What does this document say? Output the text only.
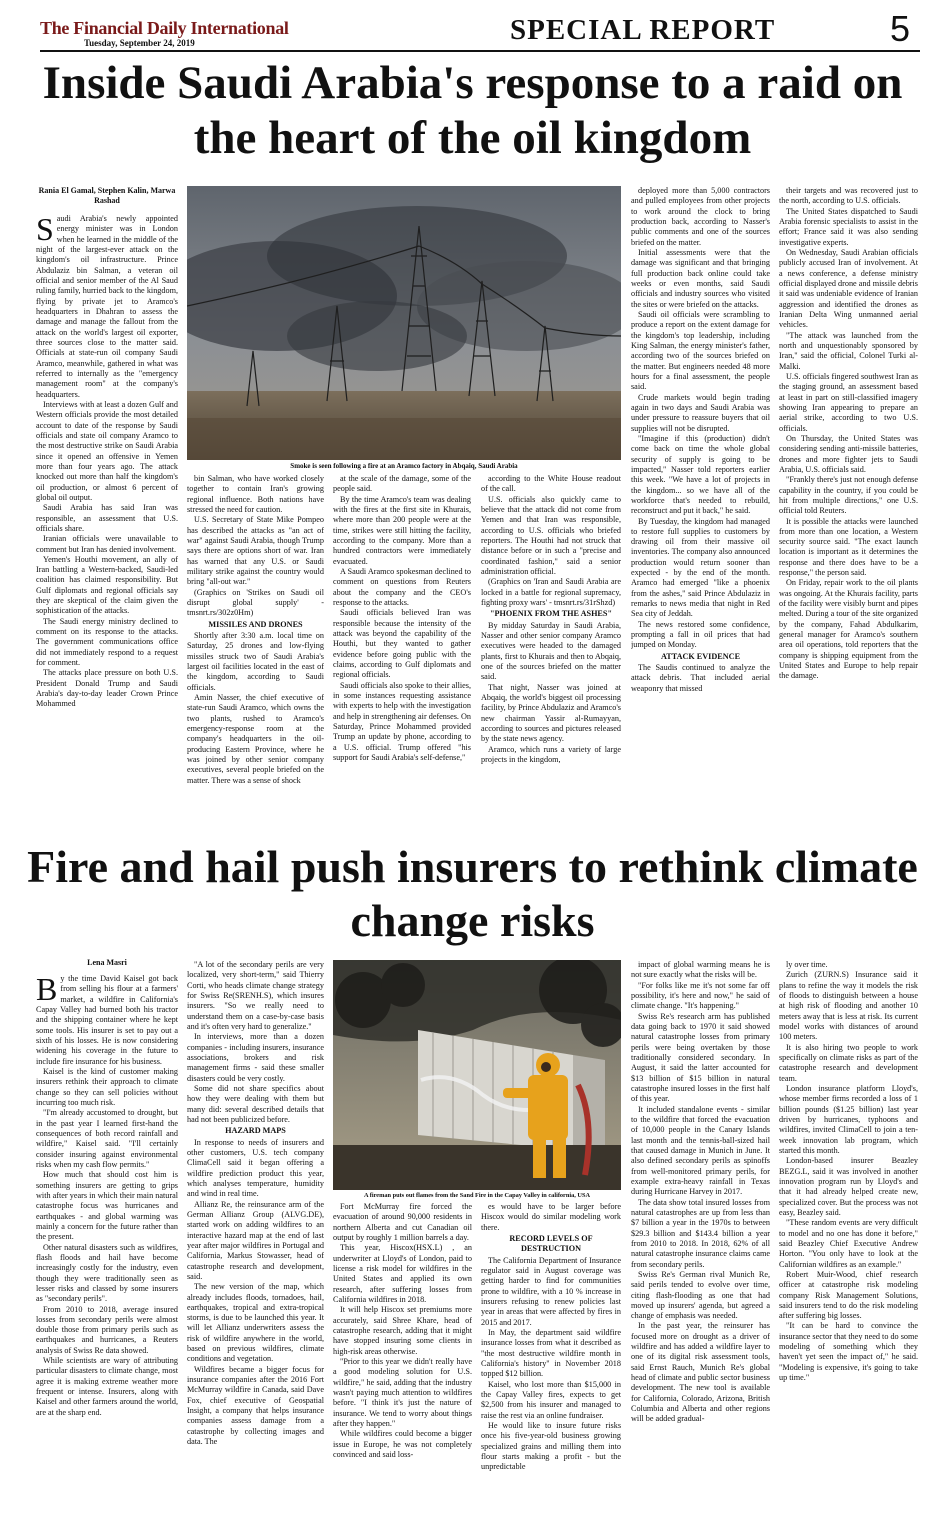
The Financial Daily International
Tuesday, September 24, 2019	SPECIAL REPORT	5
Inside Saudi Arabia's response to a raid on the heart of the oil kingdom
Rania El Gamal, Stephen Kalin, Marwa Rashad

Saudi Arabia's newly appointed energy minister was in London when he learned in the middle of the night of the largest-ever attack on the kingdom's oil infrastructure. Prince Abdulaziz bin Salman, a veteran oil official and senior member of the Al Saud ruling family, hurried back to the kingdom, flying by private jet to Aramco's headquarters in Dhahran to assess the damage and manage the fallout from the attack on the world's largest oil exporter, three sources close to the matter said. Officials at state-run oil company Saudi Aramco, meanwhile, gathered in what was referred to internally as the "emergency management room" at the company's headquarters.

Interviews with at least a dozen Gulf and Western officials provide the most detailed account to date of the response by Saudi officials and state oil company Aramco to the most destructive strike on Saudi Arabia since it opened an offensive in Yemen more than four years ago. The attack knocked out more than half the kingdom's oil production, or almost 6 percent of global oil output.

Saudi Arabia has said Iran was responsible, an assessment that U.S. officials share.

Iranian officials were unavailable to comment but Iran has denied involvement.

Yemen's Houthi movement, an ally of Iran battling a Western-backed, Saudi-led coalition has claimed responsibility. But Gulf diplomats and regional officials say they are skeptical of the claim given the sophistication of the attacks.

The Saudi energy ministry declined to comment on its response to the attacks. The government communications office did not immediately respond to a request for comment.

The attacks place pressure on both U.S. President Donald Trump and Saudi Arabia's day-to-day leader Crown Prince Mohammed

Smoke is seen following a fire at an Aramco factory in Abqaiq, Saudi Arabia

bin Salman, who have worked closely together to contain Iran's growing regional influence. Both nations have stressed the need for caution.

U.S. Secretary of State Mike Pompeo has described the attacks as "an act of war" against Saudi Arabia, though Trump says there are options short of war. Iran has warned that any U.S. or Saudi military strike against the country would bring "all-out war."

(Graphics on 'Strikes on Saudi oil disrupt global supply' - tmsnrt.rs/302z0Hm)

MISSILES AND DRONES

Shortly after 3:30 a.m. local time on Saturday, 25 drones and low-flying missiles struck two of Saudi Arabia's largest oil facilities located in the east of the kingdom, according to Saudi officials.

Amin Nasser, the chief executive of state-run Saudi Aramco, which owns the two plants, rushed to Aramco's emergency-response room at the company's headquarters in the oil-producing Eastern Province, where he was joined by other senior company executives, several people briefed on the matter. There was a sense of shock

at the scale of the damage, some of the people said.

By the time Aramco's team was dealing with the fires at the first site in Khurais, where more than 200 people were at the time, strikes were still hitting the facility, according to the company. More than a hundred contractors were immediately evacuated.

A Saudi Aramco spokesman declined to comment on questions from Reuters about the company and the CEO's response to the attacks.

Saudi officials believed Iran was responsible because the intensity of the attack was beyond the capability of the Houthi, but they wanted to gather evidence before going public with the claims, according to Gulf diplomats and regional officials.

Saudi officials also spoke to their allies, in some instances requesting assistance with experts to help with the investigation and help in strengthening air defenses. On Saturday, Prince Mohammed provided Trump an update by phone, according to a U.S. official. Trump offered "his support for Saudi Arabia's self-defense,"

according to the White House readout of the call.

U.S. officials also quickly came to believe that the attack did not come from Yemen and that Iran was responsible, according to U.S. officials who briefed reporters. The Houthi had not struck that distance before or in such a "precise and coordinated fashion," said a senior administration official.

(Graphics on 'Iran and Saudi Arabia are locked in a battle for regional supremacy, fighting proxy wars' - tmsnrt.rs/31rShzd)

"PHOENIX FROM THE ASHES"

By midday Saturday in Saudi Arabia, Nasser and other senior company Aramco executives were headed to the damaged plants, first to Khurais and then to Abqaiq, one of the sources briefed on the matter said.

That night, Nasser was joined at Abqaiq, the world's biggest oil processing facility, by Prince Abdulaziz and Aramco's new chairman Yassir al-Rumayyan, according to sources and pictures released by the state news agency.

Aramco, which runs a variety of large projects in the kingdom,

deployed more than 5,000 contractors and pulled employees from other projects to work around the clock to bring production back, according to Nasser's public comments and one of the sources briefed on the matter.

Initial assessments were that the damage was significant and that bringing full production back online could take weeks or even months, said Saudi officials and industry sources who visited the sites or were briefed on the attacks.

Saudi oil officials were scrambling to produce a report on the extent damage for the kingdom's top leadership, including King Salman, the energy minister's father, according two of the sources briefed on the matter. But engineers needed 48 more hours for a final assessment, the people said.

Crude markets would begin trading again in two days and Saudi Arabia was under pressure to reassure buyers that oil supplies will not be disrupted.

"Imagine if this (production) didn't come back on time the whole global security of supply is going to be impacted," Nasser told reporters earlier this week. "We have a lot of projects in the kingdom... so we have all of the workforce that's needed to rebuild, reconstruct and put it back," he said.

By Tuesday, the kingdom had managed to restore full supplies to customers by drawing oil from their massive oil inventories. The company also announced production would return sooner than expected - by the end of the month. Aramco had emerged "like a phoenix from the ashes," said Prince Abdulaziz in remarks to news media that night in Red Sea city of Jeddah.

The news restored some confidence, prompting a fall in oil prices that had jumped on Monday.

ATTACK EVIDENCE

The Saudis continued to analyze the attack debris. That included aerial weaponry that missed

their targets and was recovered just to the north, according to U.S. officials.

The United States dispatched to Saudi Arabia forensic specialists to assist in the effort; France said it was also sending investigative experts.

On Wednesday, Saudi Arabian officials publicly accused Iran of involvement. At a news conference, a defense ministry official displayed drone and missile debris it said was undeniable evidence of Iranian aggression and identified the drones as Iranian Delta Wing unmanned aerial vehicles.

"The attack was launched from the north and unquestionably sponsored by Iran," said the official, Colonel Turki al-Malki.

U.S. officials fingered southwest Iran as the staging ground, an assessment based at least in part on still-classified imagery showing Iran appearing to prepare an aerial strike, according to two U.S. officials.

On Thursday, the United States was considering sending anti-missile batteries, drones and more fighter jets to Saudi Arabia, U.S. officials said.

"Frankly there's just not enough defense capability in the country, if you could be hit from multiple directions," one U.S. official told Reuters.

It is possible the attacks were launched from more than one location, a Western security source said. "The exact launch location is important as it determines the response and there does have to be a response," the person said.

On Friday, repair work to the oil plants was ongoing. At the Khurais facility, parts of the facility were visibly burnt and pipes melted. During a tour of the site organized by the company, Fahad Abdulkarim, general manager for Aramco's southern area oil operations, told reporters that the company is shipping equipment from the United States and Europe to help repair the damage.

Fire and hail push insurers to rethink climate change risks
Lena Masri

By the time David Kaisel got back from selling his flour at a farmers' market, a wildfire in California's Capay Valley had burned both his tractor and the shipping container where he kept some tools. His insurer is set to pay out a sixth of his losses. He is now considering widening his coverage in the future to include fire insurance for his business.

Kaisel is the kind of customer making insurers rethink their approach to climate change so they can sell policies without incurring too much risk.

"I'm already accustomed to drought, but in the past year I learned first-hand the consequences of both record rainfall and wildfire," Kaisel said. "I'll certainly consider insuring against environmental risks when my cash flow permits."

How much that should cost him is something insurers are getting to grips with after years in which their main natural catastrophe focus was hurricanes and earthquakes - and global warming was mainly a concern for the future rather than the present.

Other natural disasters such as wildfires, flash floods and hail have become increasingly costly for the industry, even though they were traditionally seen as lesser risks and classed by some insurers as "secondary perils".

From 2010 to 2018, average insured losses from secondary perils were almost double those from primary perils such as earthquakes and hurricanes, a Reuters analysis of Swiss Re data showed.

While scientists are wary of attributing particular disasters to climate change, most agree it is making extreme weather more frequent or intense. Insurers, along with Kaisel and other farmers around the world, are at the sharp end.

"A lot of the secondary perils are very localized, very short-term," said Thierry Corti, who heads climate change strategy for Swiss Re(SRENH.S), which insures insurers. "So we really need to understand them on a case-by-case basis and it's often very hard to generalize."

In interviews, more than a dozen companies - including insurers, insurance associations, brokers and risk management firms - said these smaller disasters could be very costly.

Some did not share specifics about how they were dealing with them but many did: several described details that had not been publicized before.

HAZARD MAPS

In response to needs of insurers and other customers, U.S. tech company ClimaCell said it began offering a wildfire prediction product this year, which analyses temperature, humidity and wind in real time.

Allianz Re, the reinsurance arm of the German Allianz Group (ALVG.DE), started work on adding wildfires to an interactive hazard map at the end of last year after major wildfires in Portugal and California, Markus Stowasser, head of catastrophe research and development, said.

The new version of the map, which already includes floods, tornadoes, hail, earthquakes, tropical and extra-tropical storms, is due to be launched this year. It will let Allianz underwriters assess the risk of wildfire anywhere in the world, based on previous wildfires, climate conditions and vegetation.

Wildfires became a bigger focus for insurance companies after the 2016 Fort McMurray wildfire in Canada, said Dave Fox, chief executive of Geospatial Insight, a company that helps insurance companies assess damage from a catastrophe by collecting images and data. The

A fireman puts out flames from the Sand Fire in the Capay Valley in california, USA

Fort McMurray fire forced the evacuation of around 90,000 residents in northern Alberta and cut Canadian oil output by roughly 1 million barrels a day.

This year, Hiscox(HSX.L) , an underwriter at Lloyd's of London, paid to license a risk model for wildfires in the United States and applied its own research, after suffering losses from California wildfires in 2018.

It will help Hiscox set premiums more accurately, said Shree Khare, head of catastrophe research, adding that it might have stopped insuring some clients in high-risk areas otherwise.

"Prior to this year we didn't really have a good modeling solution for U.S. wildfire," he said, adding that the industry wasn't paying much attention to wildfires before. "I think it's just the nature of insurance. We tend to worry about things after they happen."

While wildfires could become a bigger issue in Europe, he was not completely convinced and said loss-

es would have to be larger before Hiscox would do similar modeling work there.

RECORD LEVELS OF DESTRUCTION

The California Department of Insurance regulator said in August coverage was getting harder to find for communities prone to wildfire, with a 10 % increase in insurers refusing to renew policies last year in areas that were affected by fires in 2015 and 2017.

In May, the department said wildfire insurance losses from what it described as "the most destructive wildfire month in California's history" in November 2018 topped $12 billion.

Kaisel, who lost more than $15,000 in the Capay Valley fires, expects to get $2,500 from his insurer and managed to raise the rest via an online fundraiser.

He would like to insure future risks once his five-year-old business growing specialized grains and milling them into flour starts making a profit - but the unpredictable

impact of global warming means he is not sure exactly what the risks will be.

"For folks like me it's not some far off possibility, it's here and now," he said of climate change. "It's happening."

Swiss Re's research arm has published data going back to 1970 it said showed natural catastrophe losses from primary perils were being overtaken by those traditionally considered secondary. In August, it said the latter accounted for $13 billion of $15 billion in natural catastrophe insured losses in the first half of this year.

It included standalone events - similar to the wildfire that forced the evacuation of 10,000 people in the Canary Islands last month and the tennis-ball-sized hail that caused damage in Munich in June. It also defined secondary perils as spinoffs from well-monitored primary perils, for example extra-heavy rainfall in Texas during Hurricane Harvey in 2017.

The data show total insured losses from natural catastrophes are up from less than $7 billion a year in the 1970s to between $29.3 billion and $143.4 billion a year from 2010 to 2018. In 2018, 62% of all natural catastrophe insurance claims came from secondary perils.

Swiss Re's German rival Munich Re, said perils tended to evolve over time, citing flash-flooding as one that had moved up insurers' agenda, but agreed a change of emphasis was needed.

In the past year, the reinsurer has focused more on drought as a driver of wildfire and has added a wildfire layer to one of its digital risk assessment tools, said Ernst Rauch, Munich Re's global head of climate and public sector business development. The new tool is available for California, Colorado, Arizona, British Columbia and Alberta and other regions will be added gradual-

ly over time.

Zurich (ZURN.S) Insurance said it plans to refine the way it models the risk of floods to distinguish between a house at high risk of flooding and another 10 meters away that is less at risk. Its current model works with distances of around 100 meters.

It is also hiring two people to work specifically on climate risks as part of the catastrophe research and development team.

London insurance platform Lloyd's, whose member firms recorded a loss of 1 billion pounds ($1.25 billion) last year driven by hurricanes, typhoons and wildfires, invited ClimaCell to join a ten-week innovation lab program, which started this month.

London-based insurer Beazley BEZG.L, said it was involved in another innovation program run by Lloyd's and that it had already helped create new, specialized cover. But the process was not easy, Beazley said.

"These random events are very difficult to model and no one has done it before," said Beazley Chief Executive Andrew Horton. "You only have to look at the Californian wildfires as an example."

Robert Muir-Wood, chief research officer at catastrophe risk modeling company Risk Management Solutions, said insurers tend to do the risk modeling after suffering big losses.

"It can be hard to convince the insurance sector that they need to do some modeling of something which they haven't yet seen the impact of," he said. "Modeling is expensive, it's going to take up time."
